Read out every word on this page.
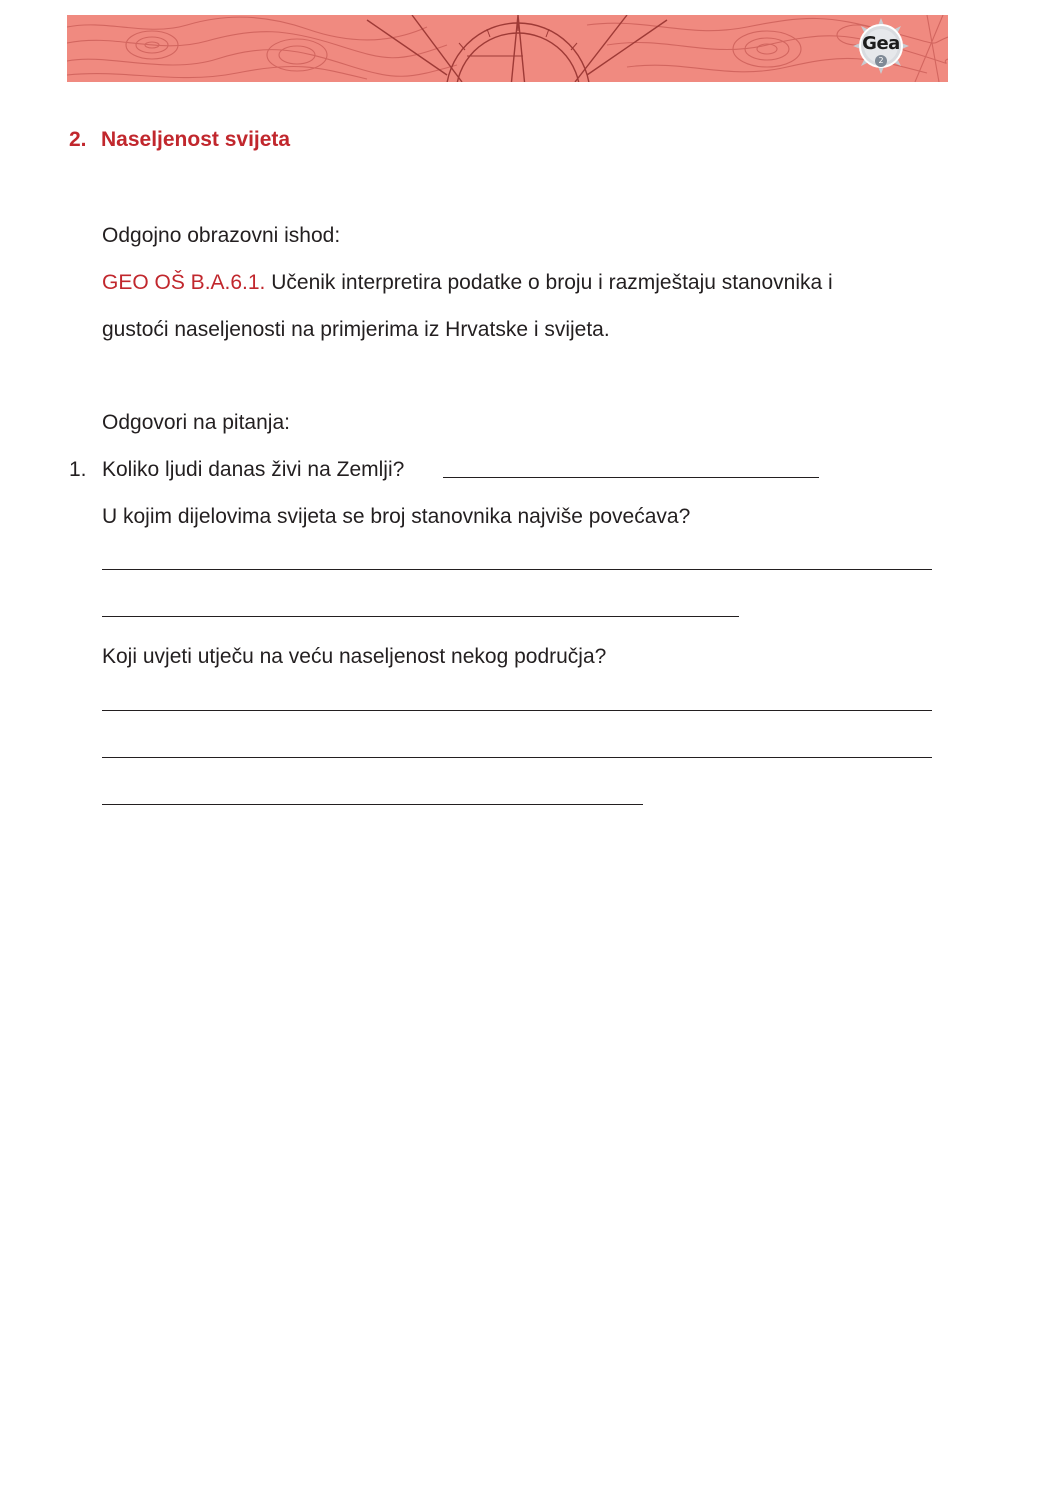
Gea
2
2. Naseljenost svijeta

Odgojno obrazovni ishod:

GEO OŠ B.A.6.1. Učenik interpretira podatke o broju i razmještaju stanovnika i

gustoći naseljenosti na primjerima iz Hrvatske i svijeta.

Odgovori na pitanja:

1. Koliko ljudi danas živi na Zemlji?

U kojim dijelovima svijeta se broj stanovnika najviše povećava?

Koji uvjeti utječu na veću naseljenost nekog područja?
